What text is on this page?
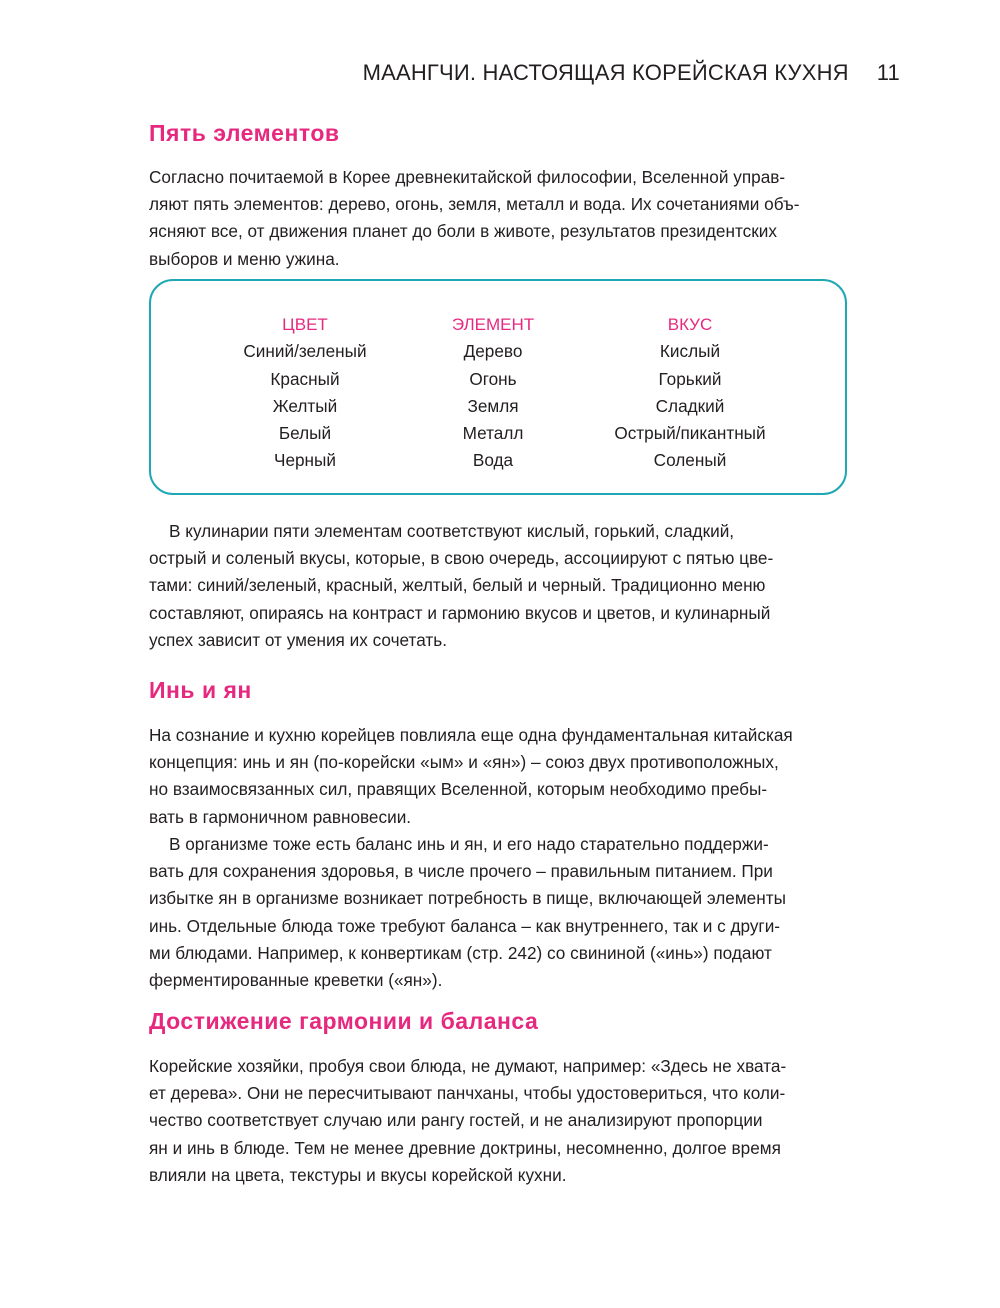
МААНГЧИ. НАСТОЯЩАЯ КОРЕЙСКАЯ КУХНЯ 11
Пять элементов
Согласно почитаемой в Корее древнекитайской философии, Вселенной управ-
ляют пять элементов: дерево, огонь, земля, металл и вода. Их сочетаниями объ-
ясняют все, от движения планет до боли в животе, результатов президентских
выборов и меню ужина.
ЦВЕТ
Синий/зеленый
Красный
Желтый
Белый
Черный
ЭЛЕМЕНТ
Дерево
Огонь
Земля
Металл
Вода
ВКУС
Кислый
Горький
Сладкий
Острый/пикантный
Соленый
В кулинарии пяти элементам соответствуют кислый, горький, сладкий,
острый и соленый вкусы, которые, в свою очередь, ассоциируют с пятью цве-
тами: синий/зеленый, красный, желтый, белый и черный. Традиционно меню
составляют, опираясь на контраст и гармонию вкусов и цветов, и кулинарный
успех зависит от умения их сочетать.
Инь и ян
На сознание и кухню корейцев повлияла еще одна фундаментальная китайская
концепция: инь и ян (по-корейски «ым» и «ян») – союз двух противоположных,
но взаимосвязанных сил, правящих Вселенной, которым необходимо пребы-
вать в гармоничном равновесии.
В организме тоже есть баланс инь и ян, и его надо старательно поддержи-
вать для сохранения здоровья, в числе прочего – правильным питанием. При
избытке ян в организме возникает потребность в пище, включающей элементы
инь. Отдельные блюда тоже требуют баланса – как внутреннего, так и с други-
ми блюдами. Например, к конвертикам (стр. 242) со свининой («инь») подают
ферментированные креветки («ян»).
Достижение гармонии и баланса
Корейские хозяйки, пробуя свои блюда, не думают, например: «Здесь не хвата-
ет дерева». Они не пересчитывают панчханы, чтобы удостовериться, что коли-
чество соответствует случаю или рангу гостей, и не анализируют пропорции
ян и инь в блюде. Тем не менее древние доктрины, несомненно, долгое время
влияли на цвета, текстуры и вкусы корейской кухни.
